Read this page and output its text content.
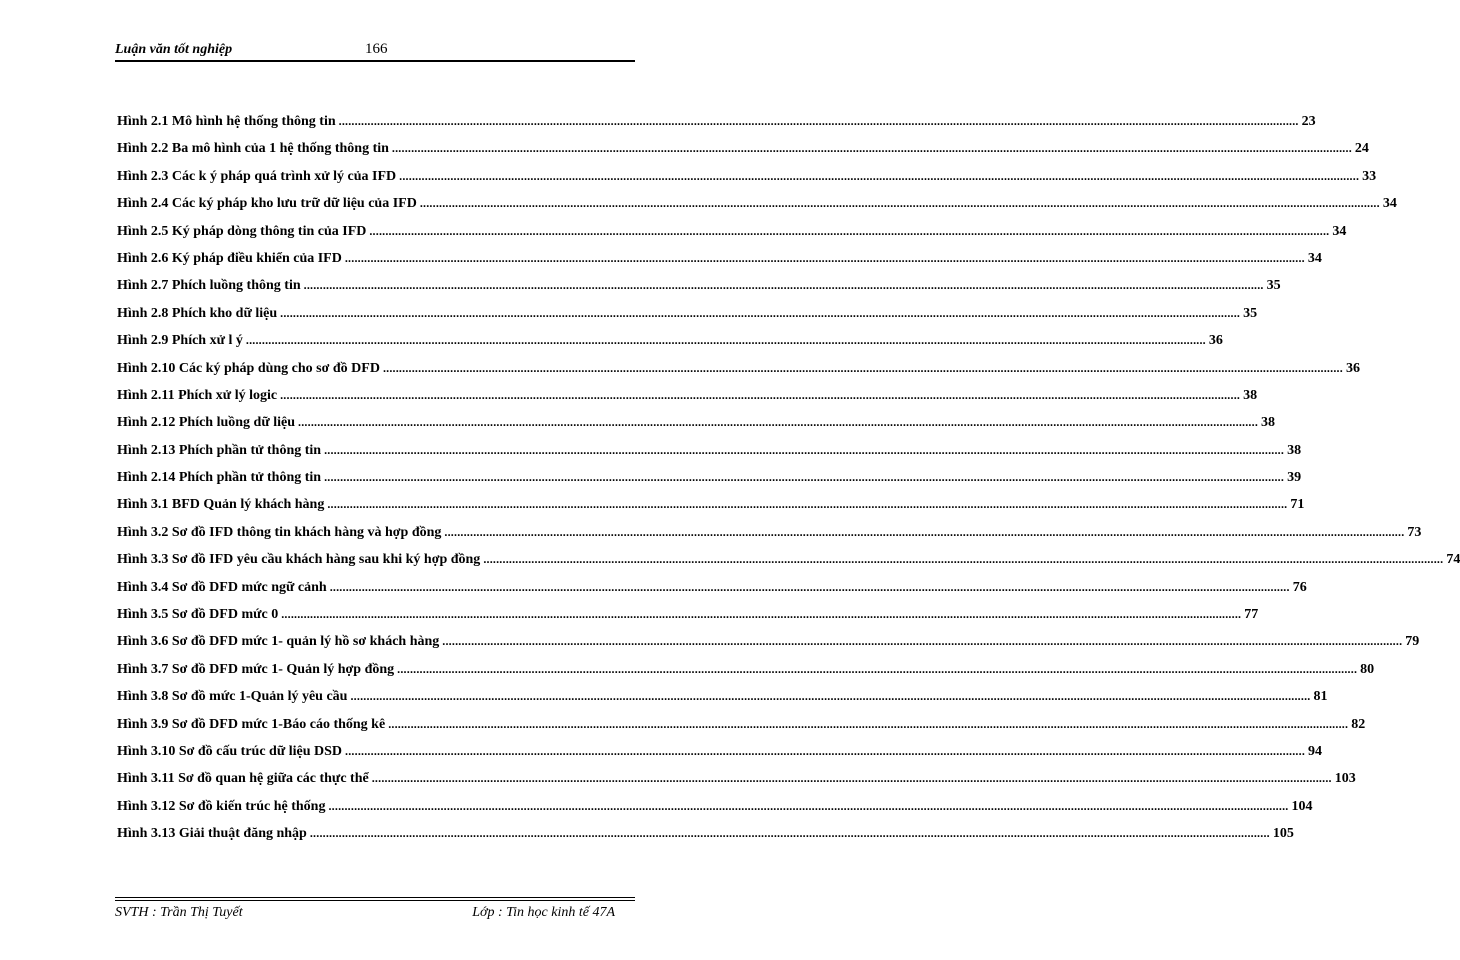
Luận văn tốt nghiệp	166
Hình 2.1 Mô hình hệ thống thông tin ............................................................................................................................................................................................................................................................................................................ 23
Hình 2.2 Ba mô hình của 1 hệ thống thông tin ............................................................................................................................................................................................................................................................................................................ 24
Hình 2.3 Các k ý pháp quá trình xử lý của IFD ............................................................................................................................................................................................................................................................................................................ 33
Hình 2.4 Các ký pháp kho lưu trữ dữ liệu của IFD ............................................................................................................................................................................................................................................................................................................ 34
Hình 2.5 Ký pháp dòng thông tin của IFD ............................................................................................................................................................................................................................................................................................................ 34
Hình 2.6 Ký pháp điều khiển của IFD ............................................................................................................................................................................................................................................................................................................ 34
Hình 2.7 Phích luồng thông tin ............................................................................................................................................................................................................................................................................................................ 35
Hình 2.8 Phích kho dữ liệu ............................................................................................................................................................................................................................................................................................................ 35
Hình 2.9 Phích xử l ý ............................................................................................................................................................................................................................................................................................................ 36
Hình 2.10 Các ký pháp dùng cho sơ đồ DFD ............................................................................................................................................................................................................................................................................................................ 36
Hình 2.11 Phích xử lý logic ............................................................................................................................................................................................................................................................................................................ 38
Hình 2.12 Phích luồng dữ liệu ............................................................................................................................................................................................................................................................................................................ 38
Hình 2.13 Phích phần tử thông tin ............................................................................................................................................................................................................................................................................................................ 38
Hình 2.14 Phích phần tử thông tin ............................................................................................................................................................................................................................................................................................................ 39
Hình 3.1 BFD Quản lý khách hàng ............................................................................................................................................................................................................................................................................................................ 71
Hình 3.2 Sơ đồ IFD thông tin khách hàng và hợp đồng ............................................................................................................................................................................................................................................................................................................ 73
Hình 3.3 Sơ đồ IFD yêu cầu khách hàng sau khi ký hợp đồng ............................................................................................................................................................................................................................................................................................................ 74
Hình 3.4 Sơ đồ DFD mức ngữ cảnh ............................................................................................................................................................................................................................................................................................................ 76
Hình 3.5 Sơ đồ DFD mức 0 ............................................................................................................................................................................................................................................................................................................ 77
Hình 3.6 Sơ đồ DFD mức 1- quản lý hồ sơ khách hàng ............................................................................................................................................................................................................................................................................................................ 79
Hình 3.7 Sơ đồ DFD mức 1- Quản lý hợp đồng ............................................................................................................................................................................................................................................................................................................ 80
Hình 3.8 Sơ đồ mức 1-Quản lý yêu cầu ............................................................................................................................................................................................................................................................................................................ 81
Hình 3.9 Sơ đồ DFD mức 1-Báo cáo thống kê ............................................................................................................................................................................................................................................................................................................ 82
Hình 3.10 Sơ đồ cấu trúc dữ liệu DSD ............................................................................................................................................................................................................................................................................................................ 94
Hình 3.11 Sơ đồ quan hệ giữa các thực thể ............................................................................................................................................................................................................................................................................................................ 103
Hình 3.12 Sơ đồ kiến trúc hệ thống ............................................................................................................................................................................................................................................................................................................ 104
Hình 3.13 Giải thuật đăng nhập ............................................................................................................................................................................................................................................................................................................ 105
SVTH : Trần Thị Tuyết	Lớp : Tin học kinh tế 47A
